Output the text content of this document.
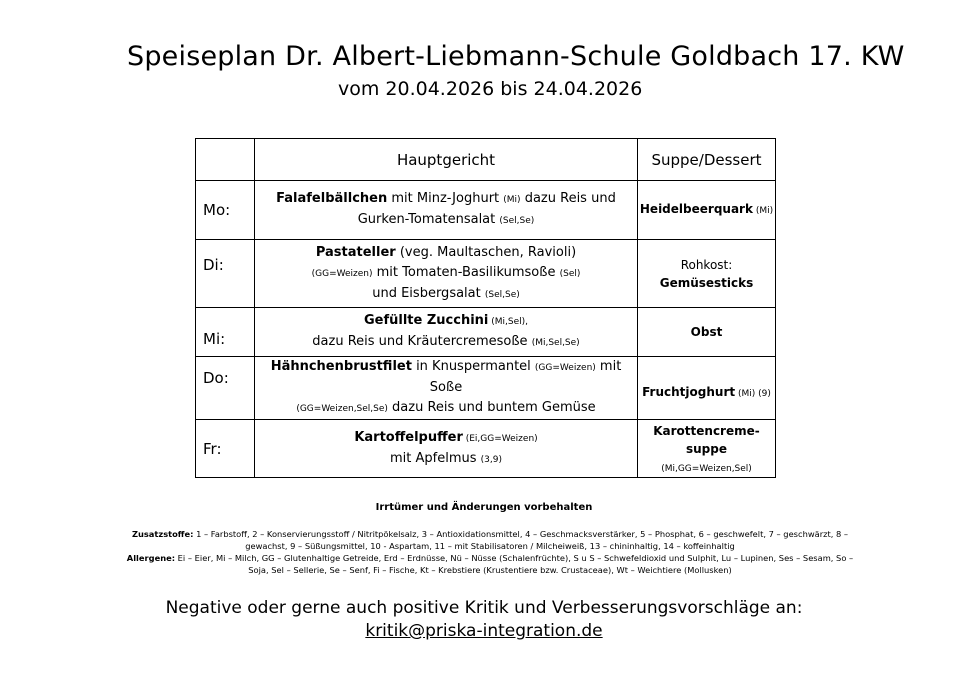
Speiseplan Dr. Albert-Liebmann-Schule Goldbach 17. KW
vom 20.04.2026 bis 24.04.2026
	Hauptgericht	Suppe/Dessert
Mo:	Falafelbällchen mit Minz-Joghurt (Mi) dazu Reis und
Gurken-Tomatensalat (Sel,Se)	Heidelbeerquark (Mi)
Di:	Pastateller (veg. Maultaschen, Ravioli)
(GG=Weizen) mit Tomaten-Basilikumsoße (Sel)
und Eisbergsalat (Sel,Se)	Rohkost:
Gemüsesticks
Mi:	Gefüllte Zucchini (Mi,Sel),
dazu Reis und Kräutercremesoße (Mi,Sel,Se)	Obst
Do:	Hähnchenbrustfilet in Knuspermantel (GG=Weizen) mit Soße
(GG=Weizen,Sel,Se) dazu Reis und buntem Gemüse	Fruchtjoghurt (Mi) (9)
Fr:	Kartoffelpuffer (Ei,GG=Weizen)
mit Apfelmus (3,9)	Karottencreme-
suppe
(Mi,GG=Weizen,Sel)
Irrtümer und Änderungen vorbehalten
Zusatzstoffe: 1 – Farbstoff, 2 – Konservierungsstoff / Nitritpökelsalz, 3 – Antioxidationsmittel, 4 – Geschmacksverstärker, 5 – Phosphat, 6 – geschwefelt, 7 – geschwärzt, 8 – gewachst, 9 – Süßungsmittel, 10 - Aspartam, 11 – mit Stabilisatoren / Milcheiweiß, 13 – chininhaltig, 14 – koffeinhaltig
Allergene: Ei – Eier, Mi – Milch, GG – Glutenhaltige Getreide, Erd – Erdnüsse, Nü – Nüsse (Schalenfrüchte), S u S – Schwefeldioxid und Sulphit, Lu – Lupinen, Ses – Sesam, So – Soja, Sel – Sellerie, Se – Senf, Fi – Fische, Kt – Krebstiere (Krustentiere bzw. Crustaceae), Wt – Weichtiere (Mollusken)
Negative oder gerne auch positive Kritik und Verbesserungsvorschläge an:
kritik@priska-integration.de
